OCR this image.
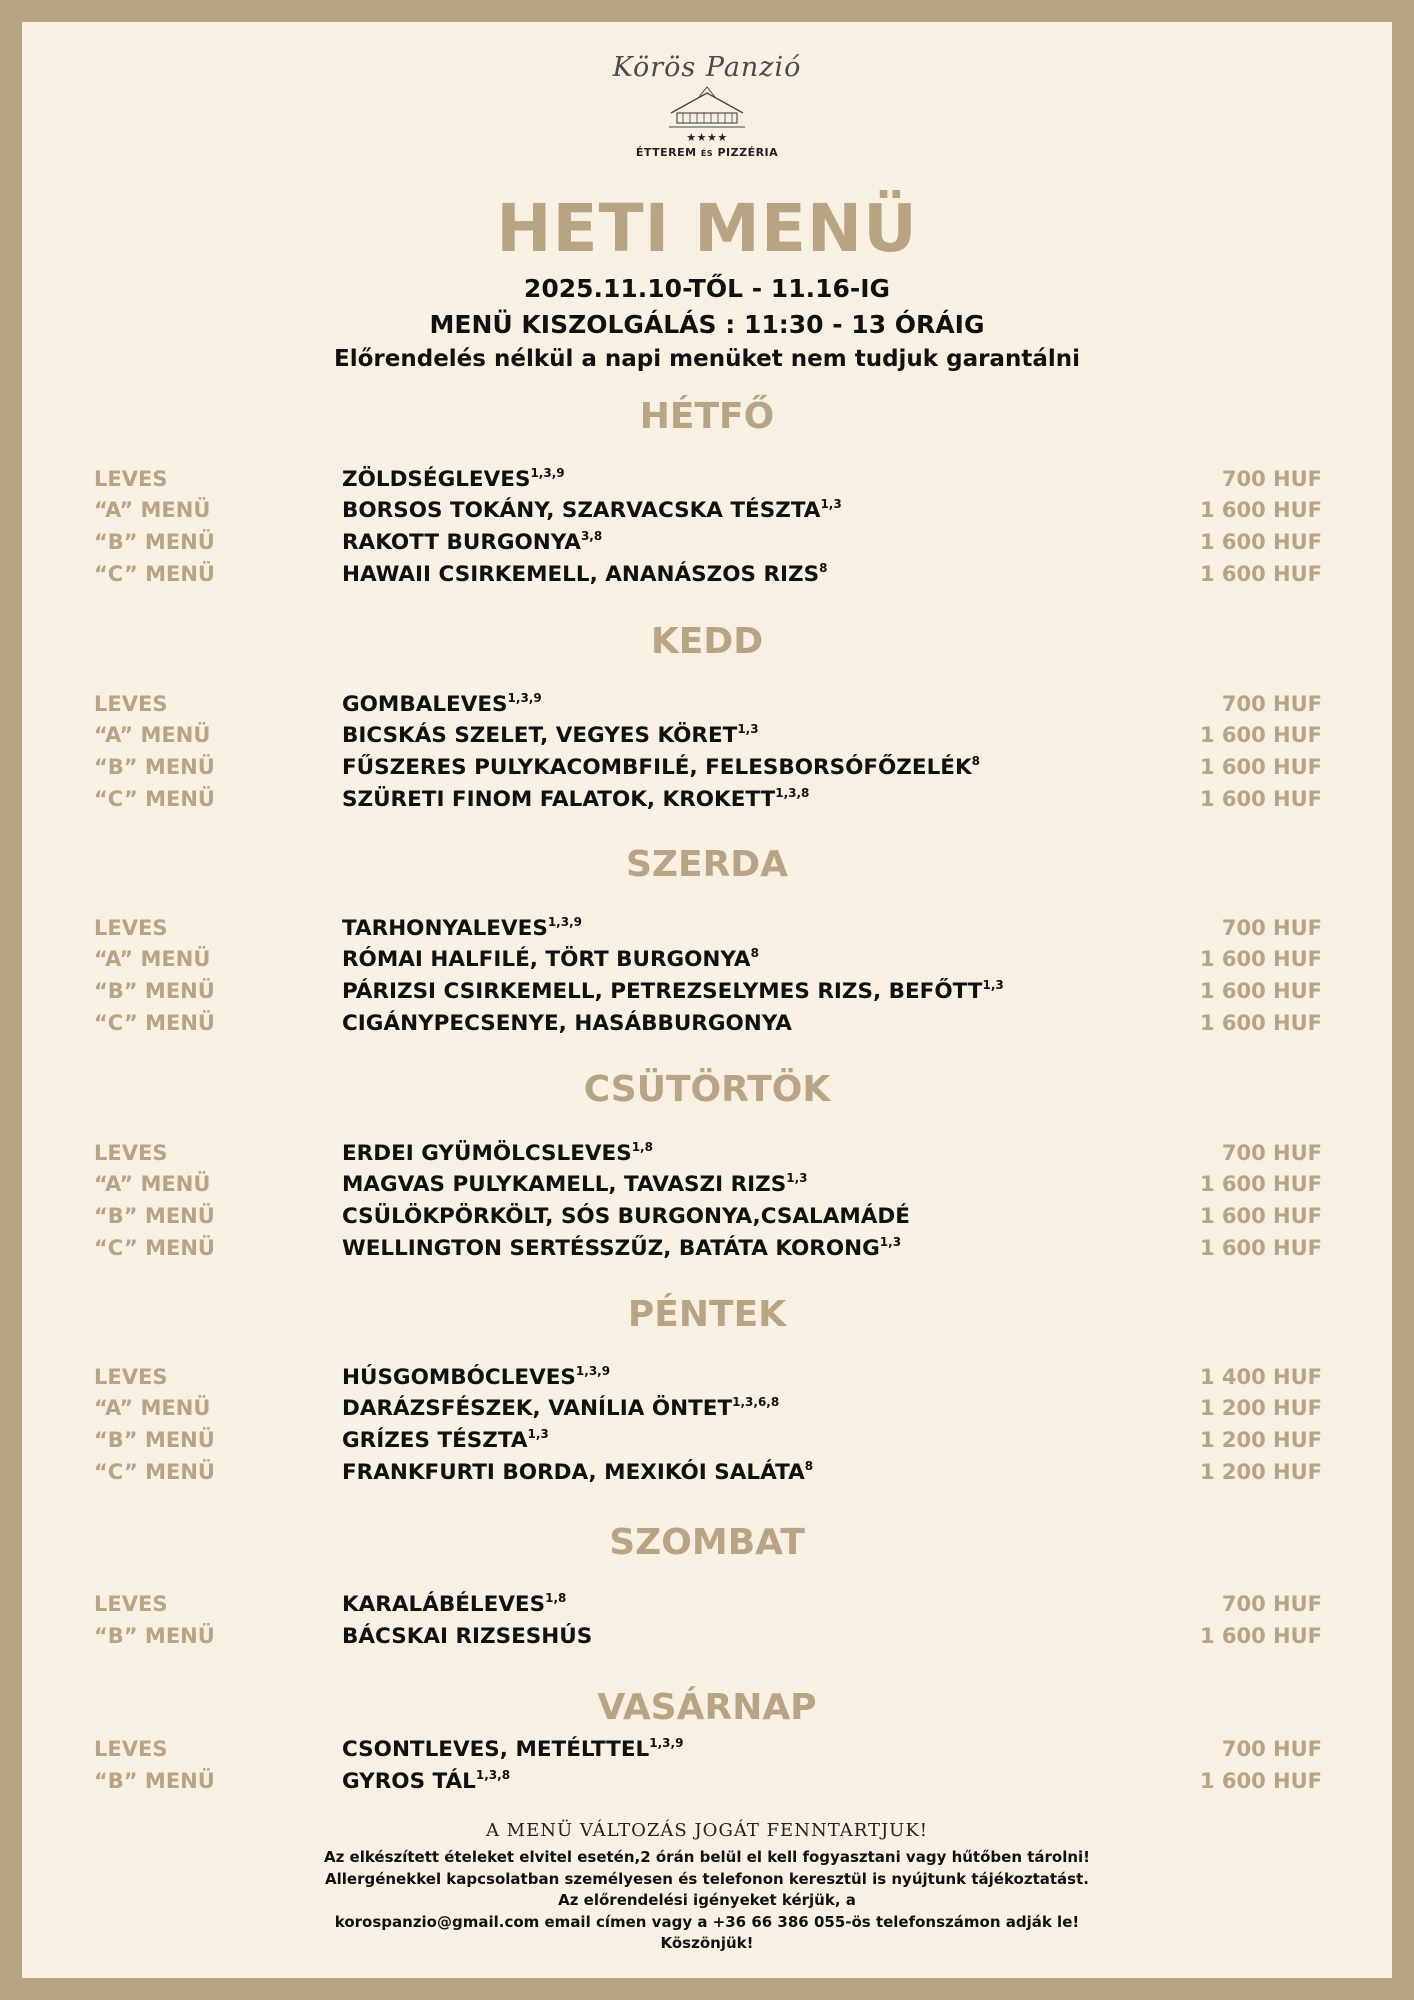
Körös Panzió
★★★★
ÉTTEREM ÉS PIZZÉRIA
HETI MENÜ
2025.11.10-TŐL - 11.16-IG
MENÜ KISZOLGÁLÁS : 11:30 - 13 ÓRÁIG
Előrendelés nélkül a napi menüket nem tudjuk garantálni
HÉTFŐ
LEVES	ZÖLDSÉGLEVES$^{1,3,9}$	700 HUF
“A” MENÜ	BORSOS TOKÁNY, SZARVACSKA TÉSZTA$^{1,3}$	1 600 HUF
“B” MENÜ	RAKOTT BURGONYA$^{3,8}$	1 600 HUF
“C” MENÜ	HAWAII CSIRKEMELL, ANANÁSZOS RIZS$^8$	1 600 HUF
KEDD
LEVES	GOMBALEVES$^{1,3,9}$	700 HUF
“A” MENÜ	BICSKÁS SZELET, VEGYES KÖRET$^{1,3}$	1 600 HUF
“B” MENÜ	FŰSZERES PULYKACOMBFILÉ, FELESBORSÓFŐZELÉK$^8$	1 600 HUF
“C” MENÜ	SZÜRETI FINOM FALATOK, KROKETT$^{1,3,8}$	1 600 HUF
SZERDA
LEVES	TARHONYALEVES$^{1,3,9}$	700 HUF
“A” MENÜ	RÓMAI HALFILÉ, TÖRT BURGONYA$^8$	1 600 HUF
“B” MENÜ	PÁRIZSI CSIRKEMELL, PETREZSELYMES RIZS, BEFŐTT$^{1,3}$	1 600 HUF
“C” MENÜ	CIGÁNYPECSENYE, HASÁBBURGONYA	1 600 HUF
CSÜTÖRTÖK
LEVES	ERDEI GYÜMÖLCSLEVES$^{1,8}$	700 HUF
“A” MENÜ	MAGVAS PULYKAMELL, TAVASZI RIZS$^{1,3}$	1 600 HUF
“B” MENÜ	CSÜLÖKPÖRKÖLT, SÓS BURGONYA,CSALAMÁDÉ	1 600 HUF
“C” MENÜ	WELLINGTON SERTÉSSZŰZ, BATÁTA KORONG$^{1,3}$	1 600 HUF
PÉNTEK
LEVES	HÚSGOMBÓCLEVES$^{1,3,9}$	1 400 HUF
“A” MENÜ	DARÁZSFÉSZEK, VANÍLIA ÖNTET$^{1,3,6,8}$	1 200 HUF
“B” MENÜ	GRÍZES TÉSZTA$^{1,3}$	1 200 HUF
“C” MENÜ	FRANKFURTI BORDA, MEXIKÓI SALÁTA$^8$	1 200 HUF
SZOMBAT
LEVES	KARALÁBÉLEVES$^{1,8}$	700 HUF
“B” MENÜ	BÁCSKAI RIZSESHÚS	1 600 HUF
VASÁRNAP
LEVES	CSONTLEVES, METÉLTTEL$^{1,3,9}$	700 HUF
“B” MENÜ	GYROS TÁL$^{1,3,8}$	1 600 HUF
A MENÜ VÁLTOZÁS JOGÁT FENNTARTJUK!
Az elkészített ételeket elvitel esetén,2 órán belül el kell fogyasztani vagy hűtőben tárolni!
Allergénekkel kapcsolatban személyesen és telefonon keresztül is nyújtunk tájékoztatást.
Az előrendelési igényeket kérjük, a
korospanzio@gmail.com email címen vagy a +36 66 386 055-ös telefonszámon adják le!
Köszönjük!
